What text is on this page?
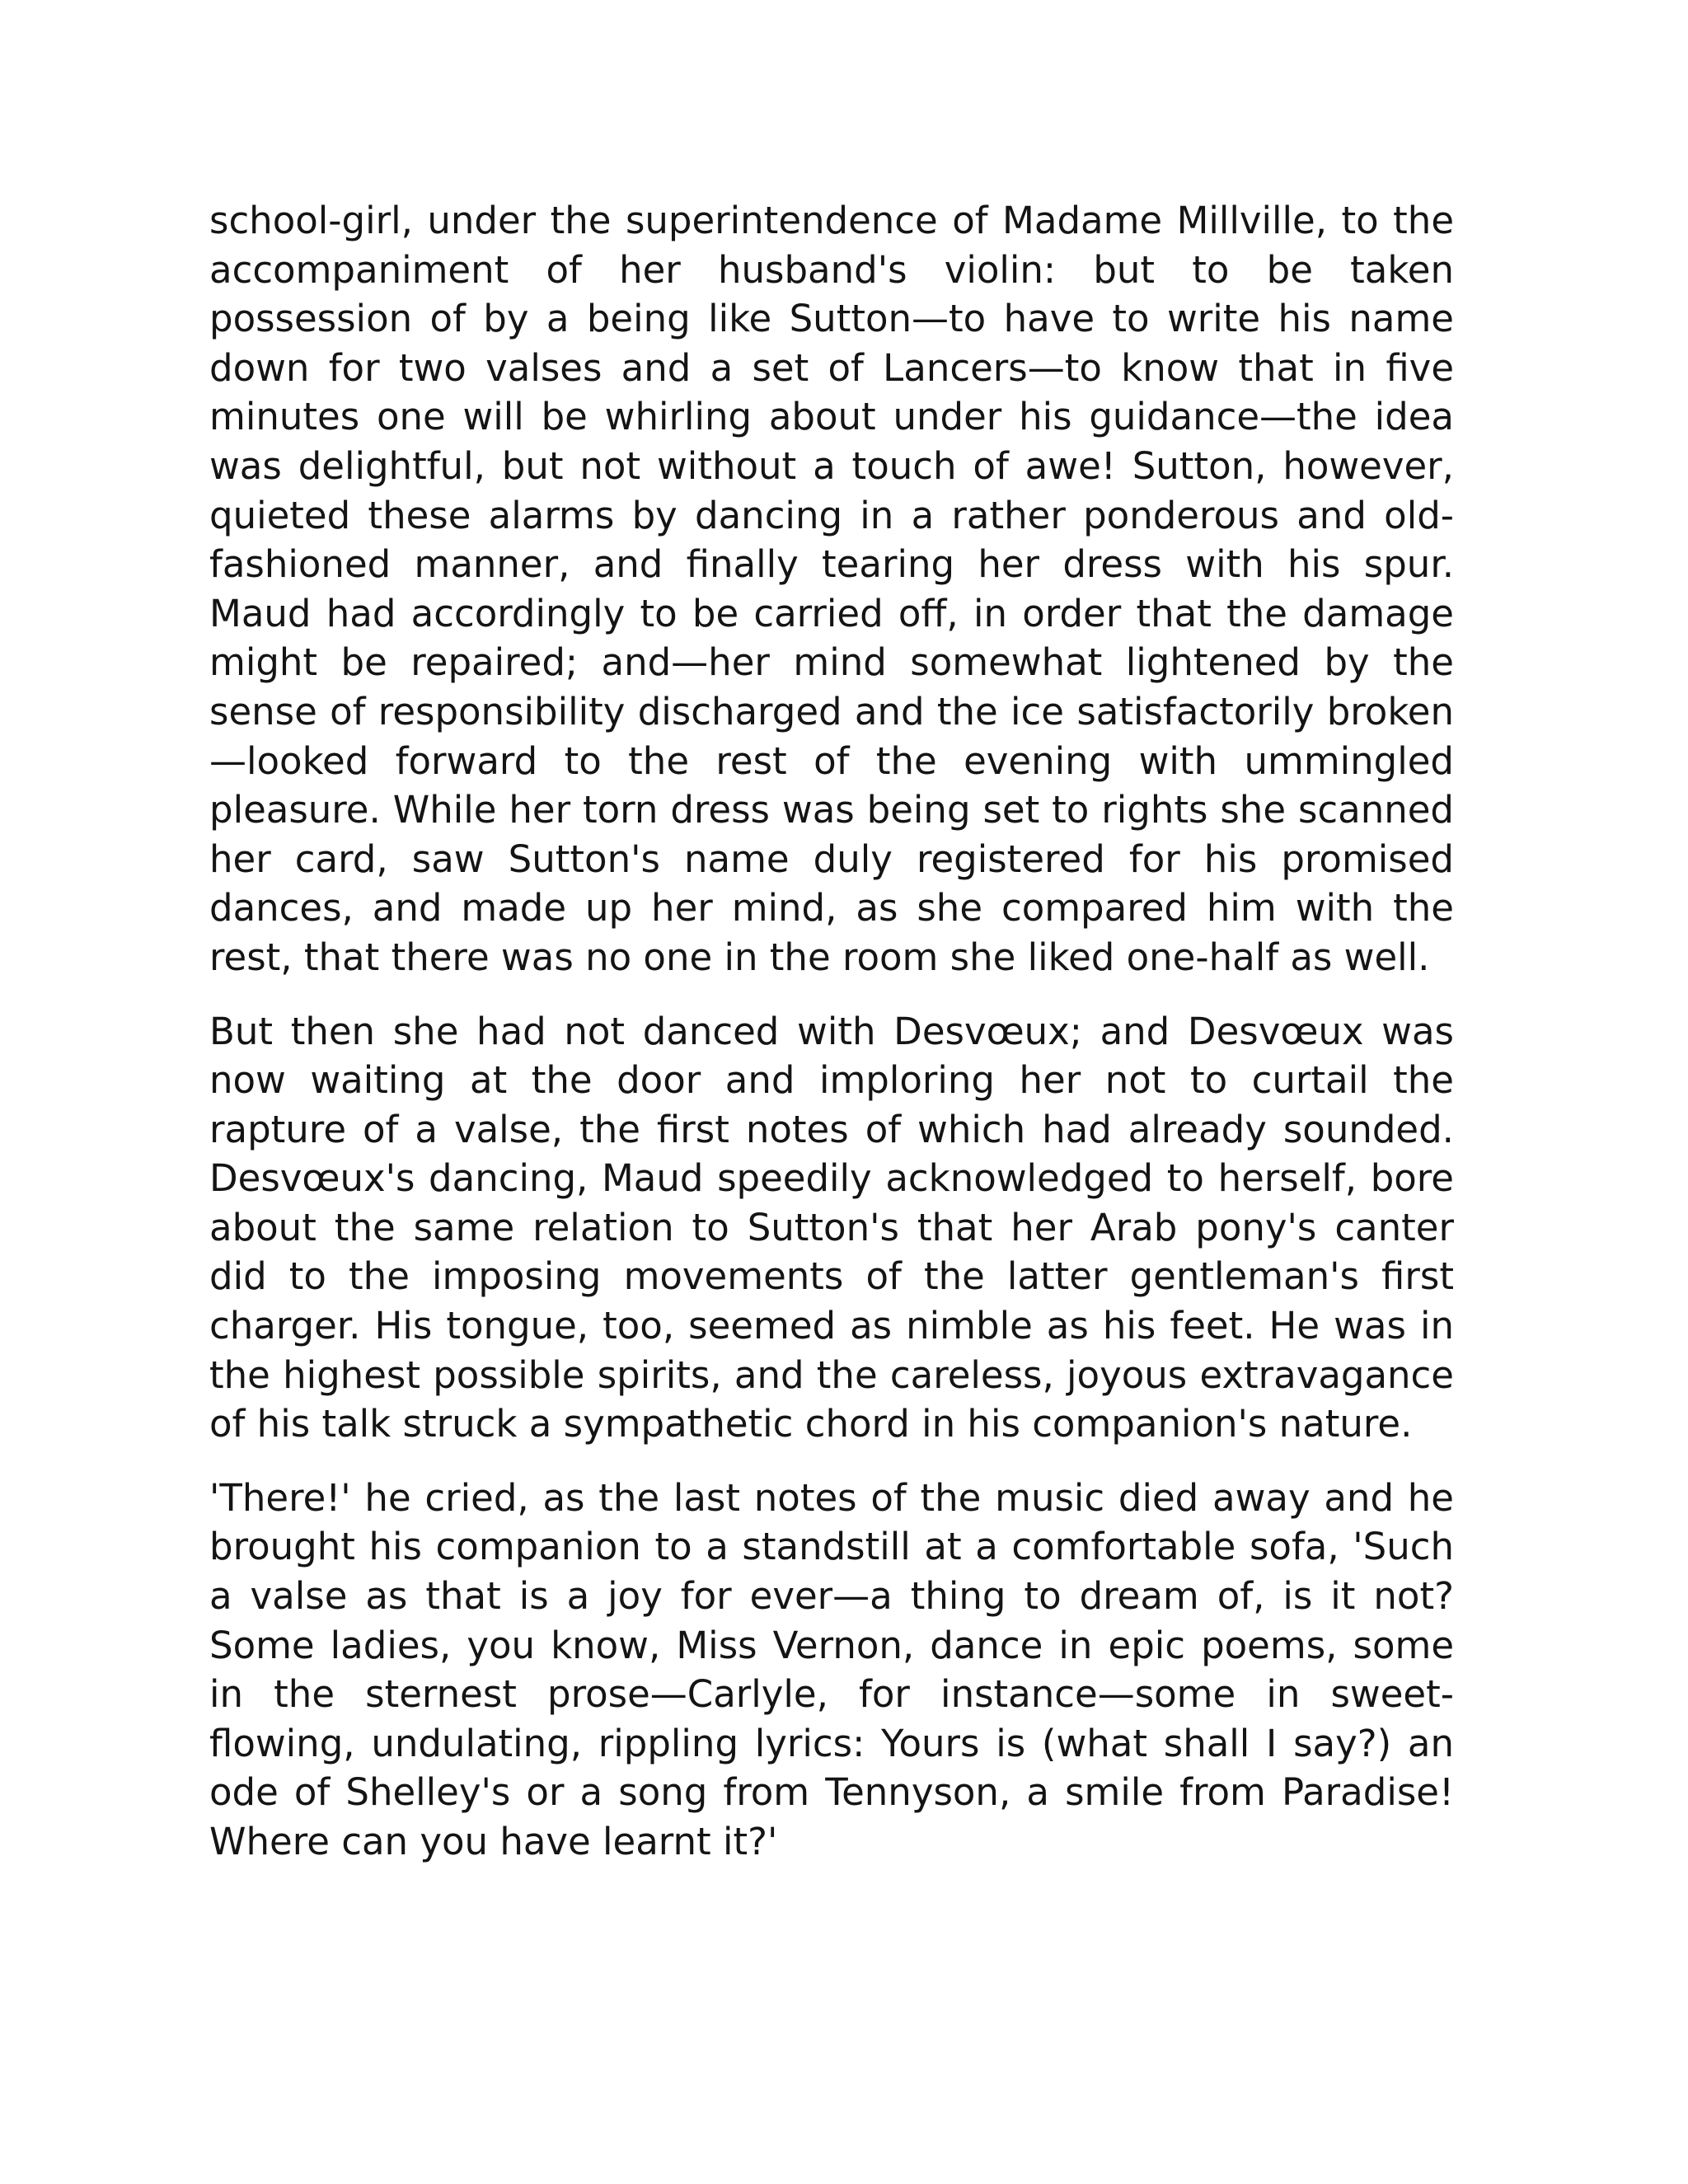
school-girl, under the superintendence of Madame Millville, to the accompaniment of her husband's violin: but to be taken possession of by a being like Sutton—to have to write his name down for two valses and a set of Lancers—to know that in five minutes one will be whirling about under his guidance—the idea was delightful, but not without a touch of awe! Sutton, however, quieted these alarms by dancing in a rather ponderous and old-fashioned manner, and finally tearing her dress with his spur. Maud had accordingly to be carried off, in order that the damage might be repaired; and—her mind somewhat lightened by the sense of responsibility discharged and the ice satisfactorily broken—looked forward to the rest of the evening with ummingled pleasure. While her torn dress was being set to rights she scanned her card, saw Sutton's name duly registered for his promised dances, and made up her mind, as she compared him with the rest, that there was no one in the room she liked one-half as well.

But then she had not danced with Desvœux; and Desvœux was now waiting at the door and imploring her not to curtail the rapture of a valse, the first notes of which had already sounded. Desvœux's dancing, Maud speedily acknowledged to herself, bore about the same relation to Sutton's that her Arab pony's canter did to the imposing movements of the latter gentleman's first charger. His tongue, too, seemed as nimble as his feet. He was in the highest possible spirits, and the careless, joyous extravagance of his talk struck a sympathetic chord in his companion's nature.

'There!' he cried, as the last notes of the music died away and he brought his companion to a standstill at a comfortable sofa, 'Such a valse as that is a joy for ever—a thing to dream of, is it not? Some ladies, you know, Miss Vernon, dance in epic poems, some in the sternest prose—Carlyle, for instance—some in sweet-flowing, undulating, rippling lyrics: Yours is (what shall I say?) an ode of Shelley's or a song from Tennyson, a smile from Paradise! Where can you have learnt it?'
